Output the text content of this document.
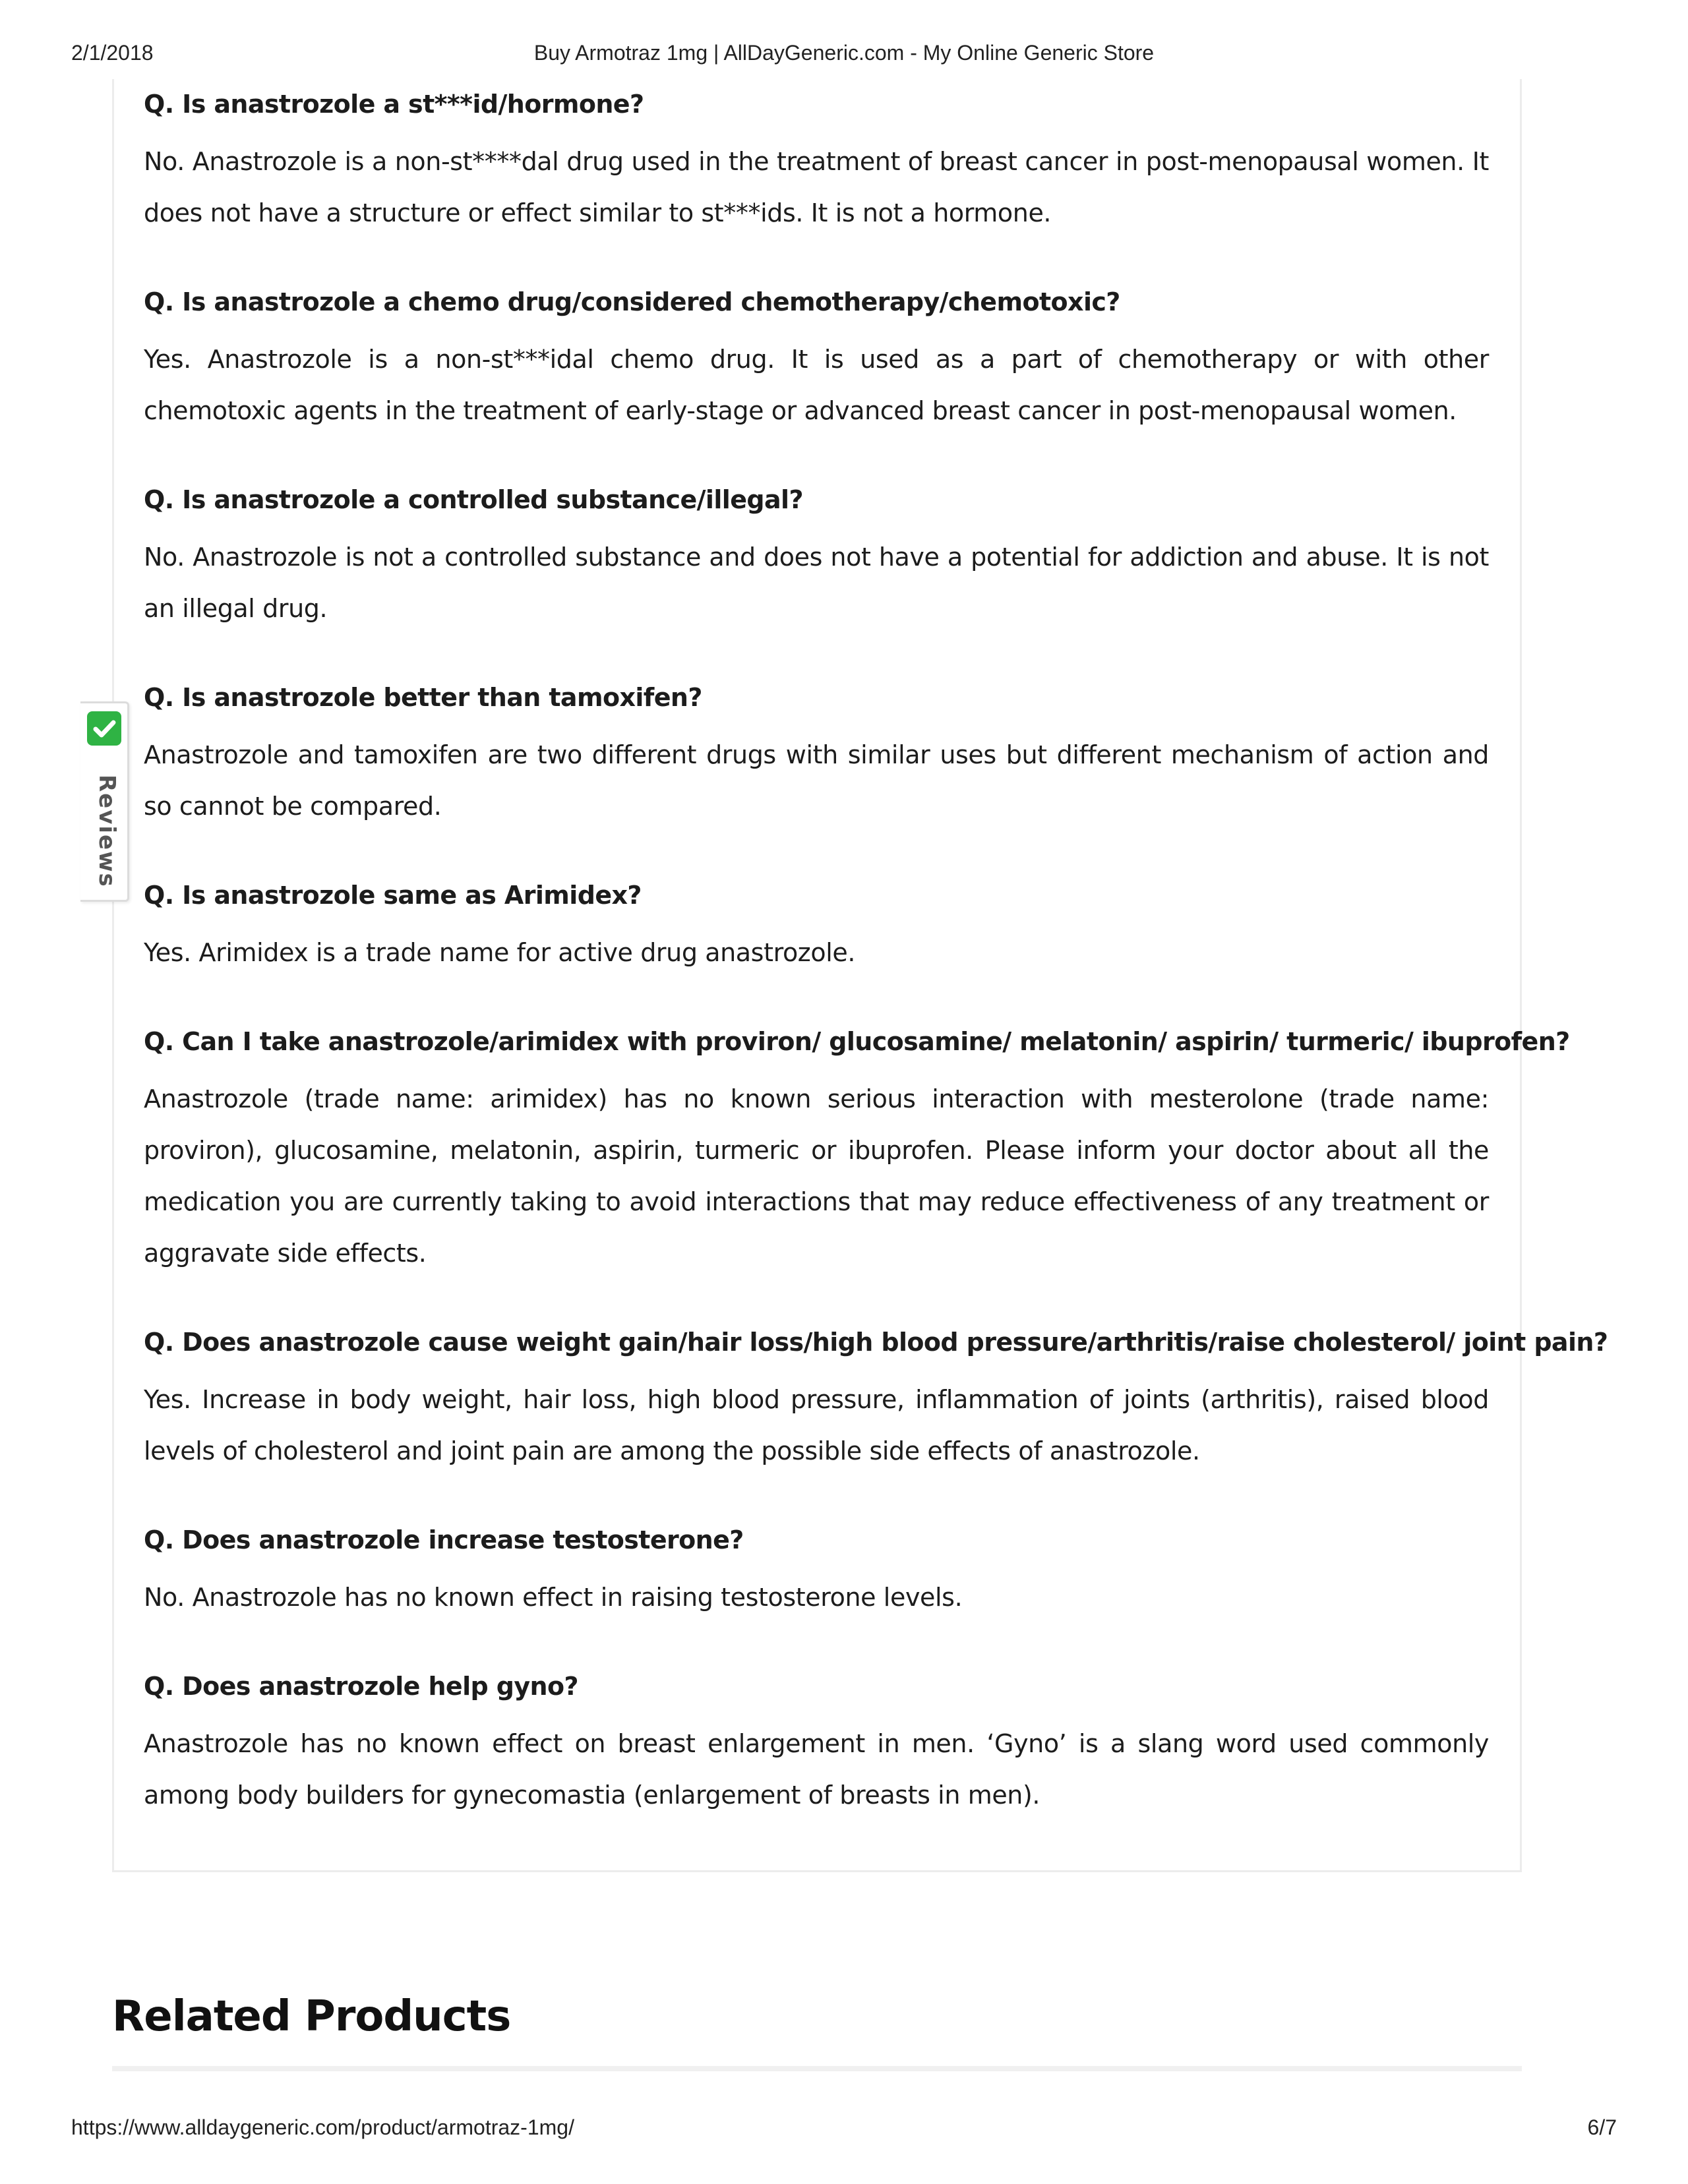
2/1/2018	Buy Armotraz 1mg | AllDayGeneric.com - My Online Generic Store

Q. Is anastrozole a st***id/hormone?

No. Anastrozole is a non-st****dal drug used in the treatment of breast cancer in post-menopausal women. It does not have a structure or effect similar to st***ids. It is not a hormone.

Q. Is anastrozole a chemo drug/considered chemotherapy/chemotoxic?

Yes. Anastrozole is a non-st***idal chemo drug. It is used as a part of chemotherapy or with other chemotoxic agents in the treatment of early-stage or advanced breast cancer in post-menopausal women.

Q. Is anastrozole a controlled substance/illegal?

No. Anastrozole is not a controlled substance and does not have a potential for addiction and abuse. It is not an illegal drug.

Q. Is anastrozole better than tamoxifen?

Anastrozole and tamoxifen are two different drugs with similar uses but different mechanism of action and so cannot be compared.

Q. Is anastrozole same as Arimidex?

Yes. Arimidex is a trade name for active drug anastrozole.

Q. Can I take anastrozole/arimidex with proviron/ glucosamine/ melatonin/ aspirin/ turmeric/ ibuprofen?

Anastrozole (trade name: arimidex) has no known serious interaction with mesterolone (trade name: proviron), glucosamine, melatonin, aspirin, turmeric or ibuprofen. Please inform your doctor about all the medication you are currently taking to avoid interactions that may reduce effectiveness of any treatment or aggravate side effects.

Q. Does anastrozole cause weight gain/hair loss/high blood pressure/arthritis/raise cholesterol/ joint pain?

Yes. Increase in body weight, hair loss, high blood pressure, inflammation of joints (arthritis), raised blood levels of cholesterol and joint pain are among the possible side effects of anastrozole.

Q. Does anastrozole increase testosterone?

No. Anastrozole has no known effect in raising testosterone levels.

Q. Does anastrozole help gyno?

Anastrozole has no known effect on breast enlargement in men. ‘Gyno’ is a slang word used commonly among body builders for gynecomastia (enlargement of breasts in men).

Reviews
Related Products
https://www.alldaygeneric.com/product/armotraz-1mg/	6/7
